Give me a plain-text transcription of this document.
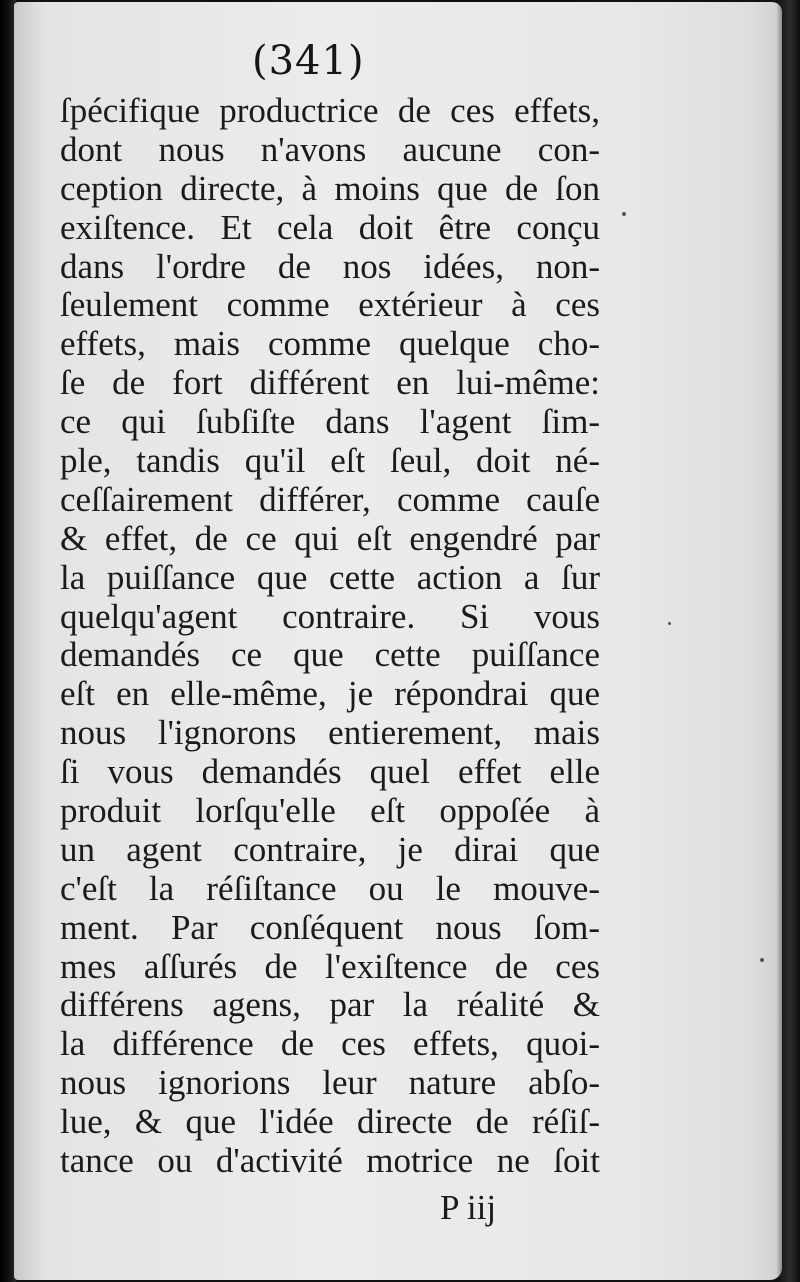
(341)
ſpécifique productrice de ces effets,
dont nous n'avons aucune con-
ception directe, à moins que de ſon
exiſtence. Et cela doit être conçu
dans l'ordre de nos idées, non-
ſeulement comme extérieur à ces
effets, mais comme quelque cho-
ſe de fort différent en lui-même:
ce qui ſubſiſte dans l'agent ſim-
ple, tandis qu'il eſt ſeul, doit né-
ceſſairement différer, comme cauſe
& effet, de ce qui eſt engendré par
la puiſſance que cette action a ſur
quelqu'agent contraire. Si vous
demandés ce que cette puiſſance
eſt en elle-même, je répondrai que
nous l'ignorons entierement, mais
ſi vous demandés quel effet elle
produit lorſqu'elle eſt oppoſée à
un agent contraire, je dirai que
c'eſt la réſiſtance ou le mouve-
ment. Par conſéquent nous ſom-
mes aſſurés de l'exiſtence de ces
différens agens, par la réalité &
la différence de ces effets, quoi-
nous ignorions leur nature abſo-
lue, & que l'idée directe de réſiſ-
tance ou d'activité motrice ne ſoit
P iij
